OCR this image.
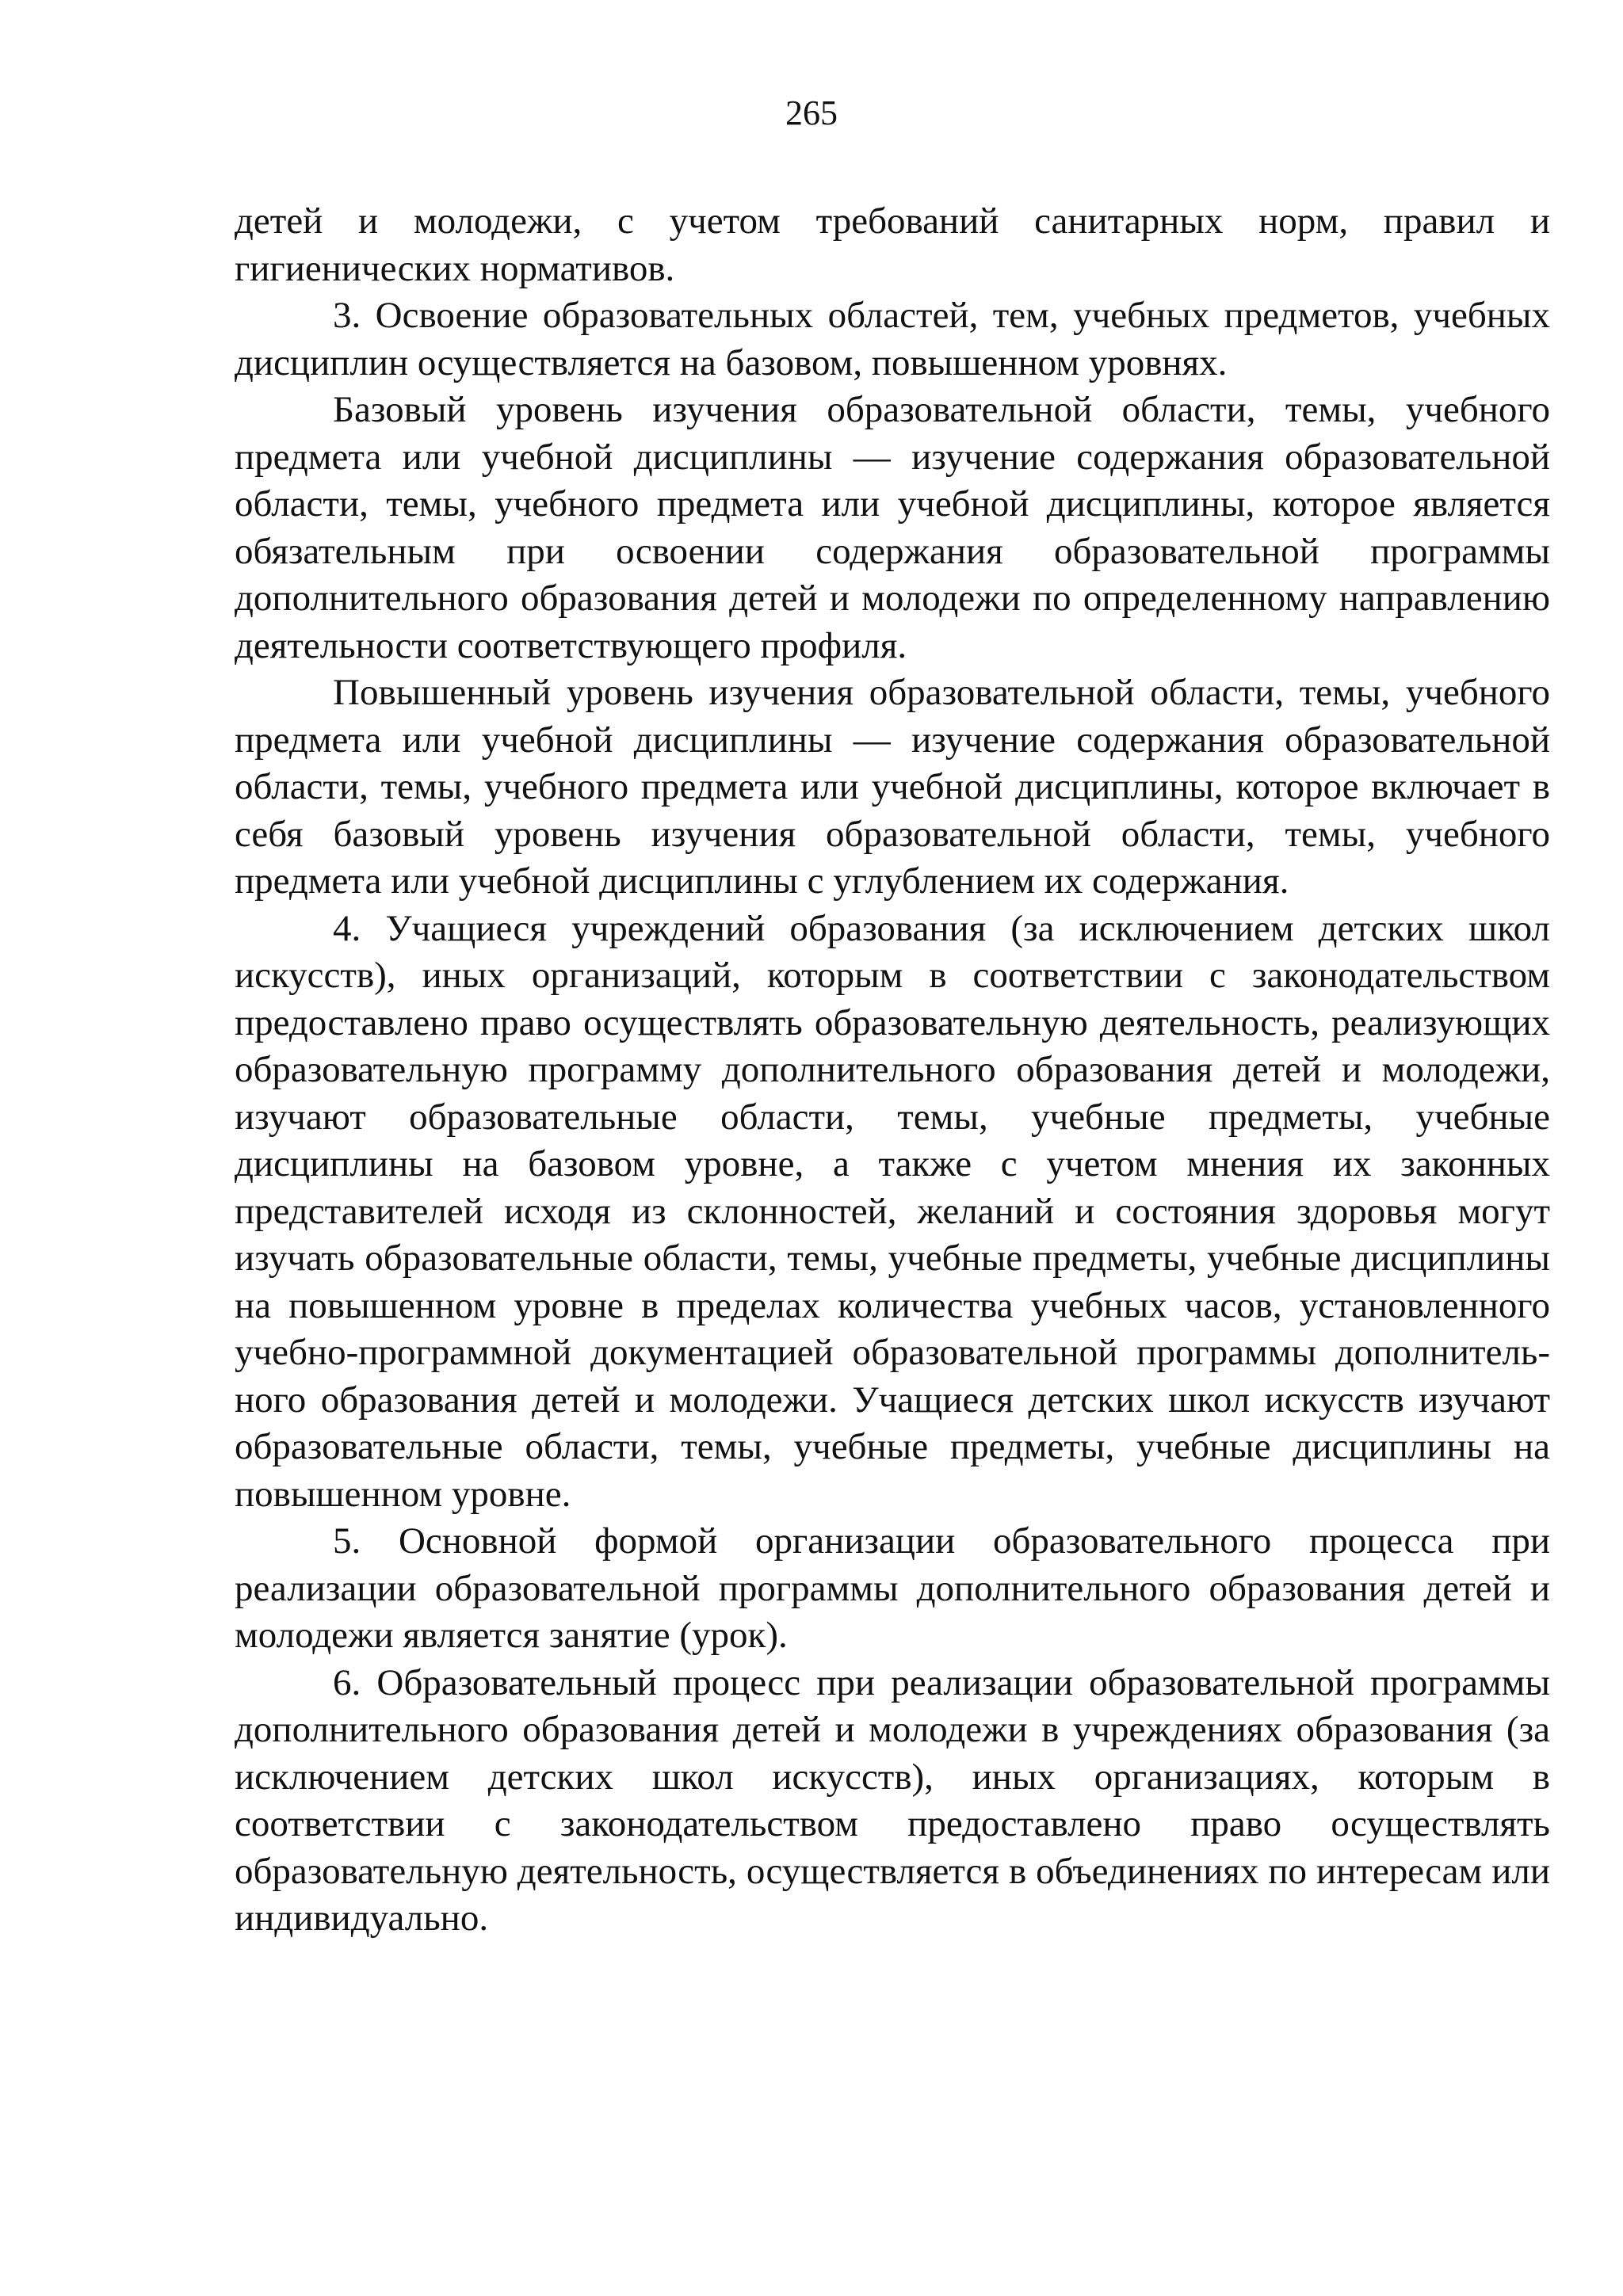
265

детей и молодежи, с учетом требований санитарных норм, правил и гигиенических нормативов.

3. Освоение образовательных областей, тем, учебных предметов, учебных дисциплин осуществляется на базовом, повышенном уровнях.

Базовый уровень изучения образовательной области, темы, учебного предмета или учебной дисциплины — изучение содержания образовательной области, темы, учебного предмета или учебной дисциплины, которое является обязательным при освоении содержания образовательной программы дополнительного образования детей и молодежи по определенному направлению деятельности соответствующего профиля.

Повышенный уровень изучения образовательной области, темы, учебного предмета или учебной дисциплины — изучение содержания образовательной области, темы, учебного предмета или учебной дисциплины, которое включает в себя базовый уровень изучения образовательной области, темы, учебного предмета или учебной дисциплины с углублением их содержания.

4. Учащиеся учреждений образования (за исключением детских школ искусств), иных организаций, которым в соответствии с законодательством предоставлено право осуществлять образовательную деятельность, реализующих образовательную программу дополнительного образования детей и молодежи, изучают образовательные области, темы, учебные предметы, учебные дисциплины на базовом уровне, а также с учетом мнения их законных представителей исходя из склонностей, желаний и состояния здоровья могут изучать образовательные области, темы, учебные предметы, учебные дисциплины на повышенном уровне в пределах количества учебных часов, установленного учебно-программной документацией образовательной программы дополнительного образования детей и молодежи. Учащиеся детских школ искусств изучают образовательные области, темы, учебные предметы, учебные дисциплины на повышенном уровне.

5. Основной формой организации образовательного процесса при реализации образовательной программы дополнительного образования детей и молодежи является занятие (урок).

6. Образовательный процесс при реализации образовательной программы дополнительного образования детей и молодежи в учреждениях образования (за исключением детских школ искусств), иных организациях, которым в соответствии с законодательством предоставлено право осуществлять образовательную деятельность, осуществляется в объединениях по интересам или индивидуально.
